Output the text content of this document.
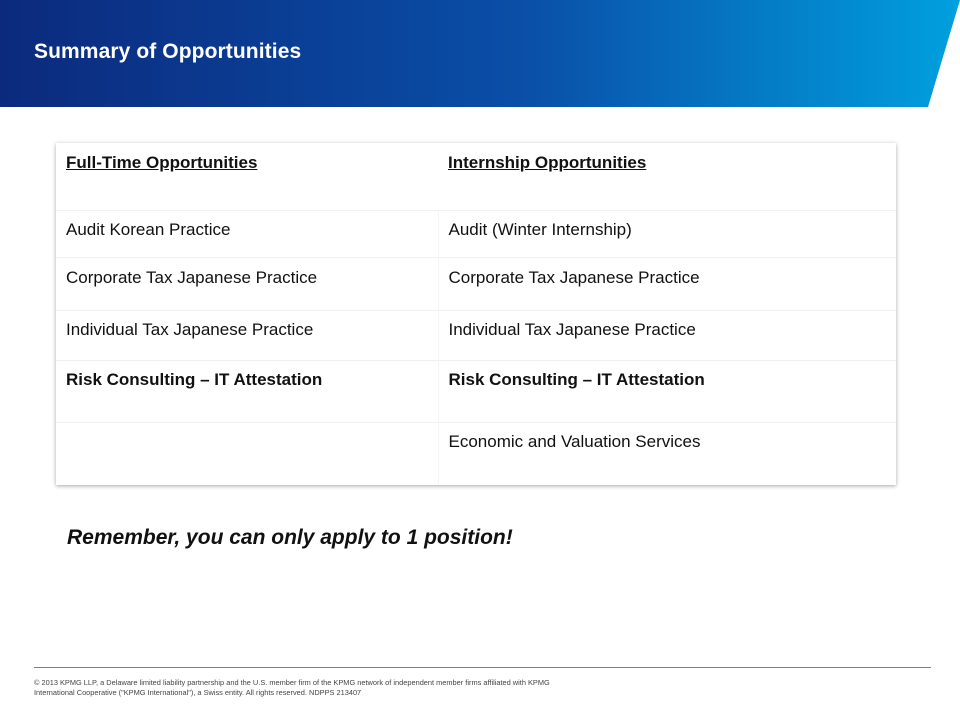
Summary of Opportunities
Full-Time Opportunities	Internship Opportunities
Audit Korean Practice	Audit (Winter Internship)
Corporate Tax Japanese Practice	Corporate Tax Japanese Practice
Individual Tax Japanese Practice	Individual Tax Japanese Practice
Risk Consulting – IT Attestation	Risk Consulting – IT Attestation
	Economic and Valuation Services
Remember, you can only apply to 1 position!
© 2013 KPMG LLP, a Delaware limited liability partnership and the U.S. member firm of the KPMG network of independent member firms affiliated with KPMG
International Cooperative ("KPMG International"), a Swiss entity. All rights reserved. NDPPS 213407
